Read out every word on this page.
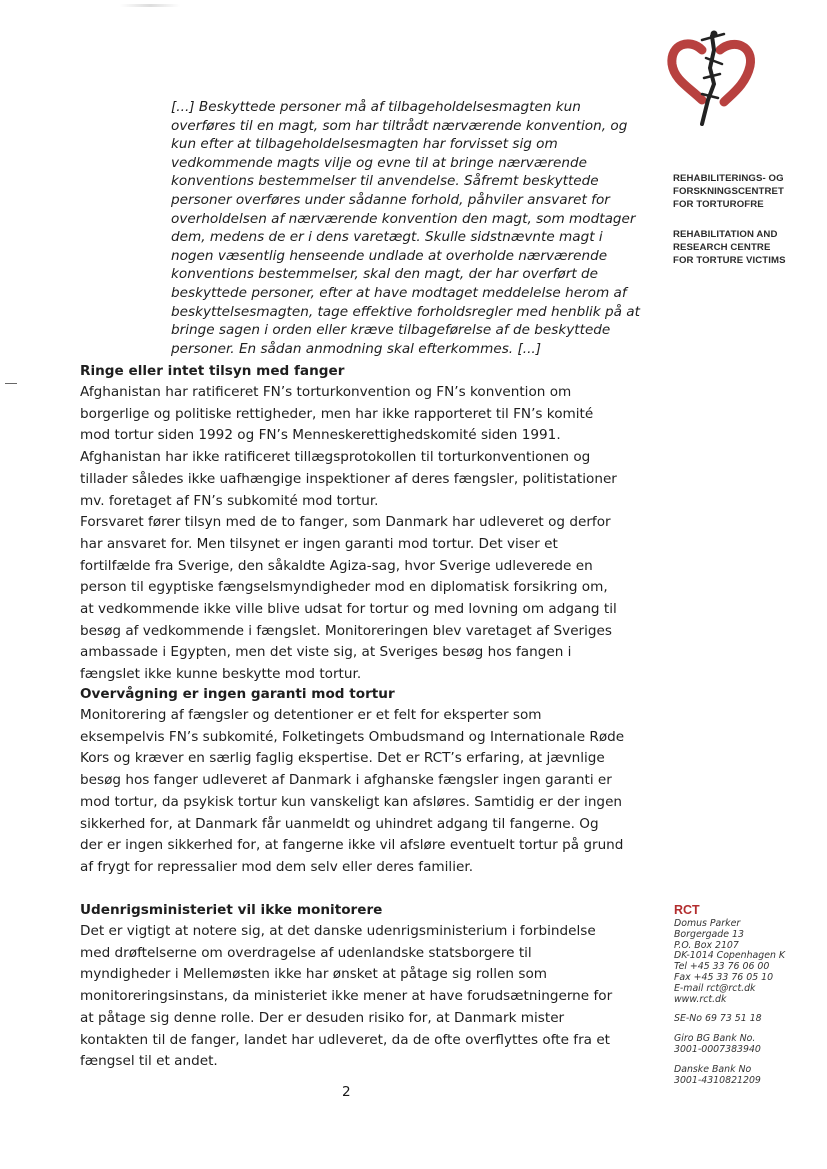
REHABILITERINGS- OG
FORSKNINGSCENTRET
FOR TORTUROFRE
REHABILITATION AND
RESEARCH CENTRE
FOR TORTURE VICTIMS
[...] Beskyttede personer må af tilbageholdelsesmagten kun overføres til en magt, som har tiltrådt nærværende konvention, og kun efter at tilbageholdelsesmagten har forvisset sig om vedkommende magts vilje og evne til at bringe nærværende konventions bestemmelser til anvendelse. Såfremt beskyttede personer overføres under sådanne forhold, påhviler ansvaret for overholdelsen af nærværende konvention den magt, som modtager dem, medens de er i dens varetægt. Skulle sidstnævnte magt i nogen væsentlig henseende undlade at overholde nærværende konventions bestemmelser, skal den magt, der har overført de beskyttede personer, efter at have modtaget meddelelse herom af beskyttelsesmagten, tage effektive forholdsregler med henblik på at bringe sagen i orden eller kræve tilbageførelse af de beskyttede personer. En sådan anmodning skal efterkommes. [...]
Ringe eller intet tilsyn med fanger

Afghanistan har ratificeret FN’s torturkonvention og FN’s konvention om borgerlige og politiske rettigheder, men har ikke rapporteret til FN’s komité mod tortur siden 1992 og FN’s Menneskerettighedskomité siden 1991. Afghanistan har ikke ratificeret tillægsprotokollen til torturkonventionen og tillader således ikke uafhængige inspektioner af deres fængsler, politistationer mv. foretaget af FN’s subkomité mod tortur.

Forsvaret fører tilsyn med de to fanger, som Danmark har udleveret og derfor har ansvaret for. Men tilsynet er ingen garanti mod tortur. Det viser et fortilfælde fra Sverige, den såkaldte Agiza-sag, hvor Sverige udleverede en person til egyptiske fængselsmyndigheder mod en diplomatisk forsikring om, at vedkommende ikke ville blive udsat for tortur og med lovning om adgang til besøg af vedkommende i fængslet. Monitoreringen blev varetaget af Sveriges ambassade i Egypten, men det viste sig, at Sveriges besøg hos fangen i fængslet ikke kunne beskytte mod tortur.

Overvågning er ingen garanti mod tortur

Monitorering af fængsler og detentioner er et felt for eksperter som eksempelvis FN’s subkomité, Folketingets Ombudsmand og Internationale Røde Kors og kræver en særlig faglig ekspertise. Det er RCT’s erfaring, at jævnlige besøg hos fanger udleveret af Danmark i afghanske fængsler ingen garanti er mod tortur, da psykisk tortur kun vanskeligt kan afsløres. Samtidig er der ingen sikkerhed for, at Danmark får uanmeldt og uhindret adgang til fangerne. Og der er ingen sikkerhed for, at fangerne ikke vil afsløre eventuelt tortur på grund af frygt for repressalier mod dem selv eller deres familier.

Udenrigsministeriet vil ikke monitorere

Det er vigtigt at notere sig, at det danske udenrigsministerium i forbindelse med drøftelserne om overdragelse af udenlandske statsborgere til myndigheder i Mellemøsten ikke har ønsket at påtage sig rollen som monitoreringsinstans, da ministeriet ikke mener at have forudsætningerne for at påtage sig denne rolle. Der er desuden risiko for, at Danmark mister kontakten til de fanger, landet har udleveret, da de ofte overflyttes ofte fra et fængsel til et andet.

2
RCT
Domus Parker
Borgergade 13
P.O. Box 2107
DK-1014 Copenhagen K
Tel +45 33 76 06 00
Fax +45 33 76 05 10
E-mail rct@rct.dk
www.rct.dk
SE-No 69 73 51 18
Giro BG Bank No.
3001-0007383940
Danske Bank No
3001-4310821209
